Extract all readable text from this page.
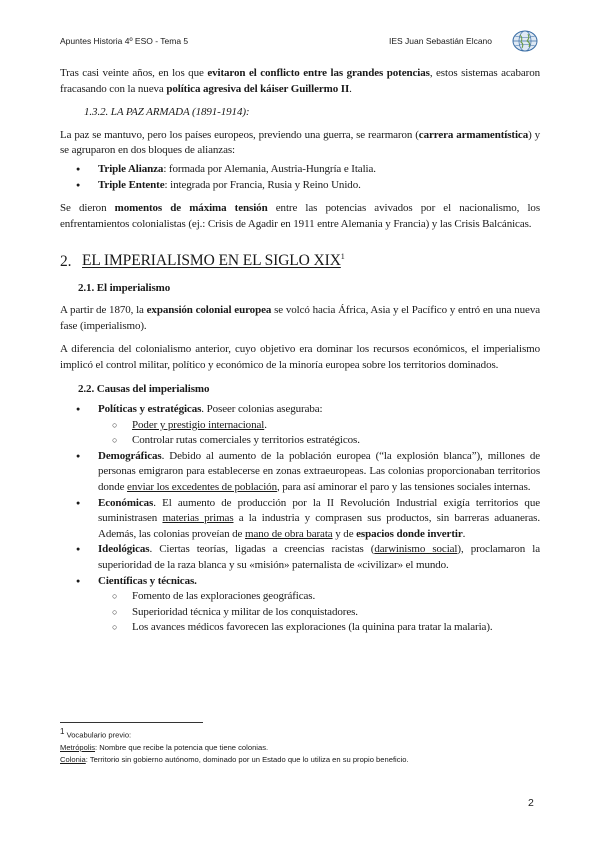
Apuntes Historia 4º ESO - Tema 5	IES Juan Sebastián Elcano

Tras casi veinte años, en los que evitaron el conflicto entre las grandes potencias, estos sistemas acabaron fracasando con la nueva política agresiva del káiser Guillermo II.

1.3.2. LA PAZ ARMADA (1891-1914):

La paz se mantuvo, pero los países europeos, previendo una guerra, se rearmaron (carrera armamentística) y se agruparon en dos bloques de alianzas:

● Triple Alianza: formada por Alemania, Austria-Hungría e Italia.

● Triple Entente: integrada por Francia, Rusia y Reino Unido.

Se dieron momentos de máxima tensión entre las potencias avivados por el nacionalismo, los enfrentamientos colonialistas (ej.: Crisis de Agadir en 1911 entre Alemania y Francia) y las Crisis Balcánicas.

2. EL IMPERIALISMO EN EL SIGLO XIX$^1$
2.1. El imperialismo

A partir de 1870, la expansión colonial europea se volcó hacia África, Asia y el Pacífico y entró en una nueva fase (imperialismo).

A diferencia del colonialismo anterior, cuyo objetivo era dominar los recursos económicos, el imperialismo implicó el control militar, político y económico de la minoría europea sobre los territorios dominados.

2.2. Causas del imperialismo

● Políticas y estratégicas. Poseer colonias aseguraba:

○ Poder y prestigio internacional.

○ Controlar rutas comerciales y territorios estratégicos.

● Demográficas. Debido al aumento de la población europea (“la explosión blanca”), millones de personas emigraron para establecerse en zonas extraeuropeas. Las colonias proporcionaban territorios donde enviar los excedentes de población, para así aminorar el paro y las tensiones sociales internas.

● Económicas. El aumento de producción por la II Revolución Industrial exigía territorios que suministrasen materias primas a la industria y comprasen sus productos, sin barreras aduaneras. Además, las colonias proveían de mano de obra barata y de espacios donde invertir.

● Ideológicas. Ciertas teorías, ligadas a creencias racistas (darwinismo social), proclamaron la superioridad de la raza blanca y su «misión» paternalista de «civilizar» el mundo.

● Científicas y técnicas.

○ Fomento de las exploraciones geográficas.

○ Superioridad técnica y militar de los conquistadores.

○ Los avances médicos favorecen las exploraciones (la quinina para tratar la malaria).

$^1$ Vocabulario previo:

Metrópolis: Nombre que recibe la potencia que tiene colonias.

Colonia: Territorio sin gobierno autónomo, dominado por un Estado que lo utiliza en su propio beneficio.

2
